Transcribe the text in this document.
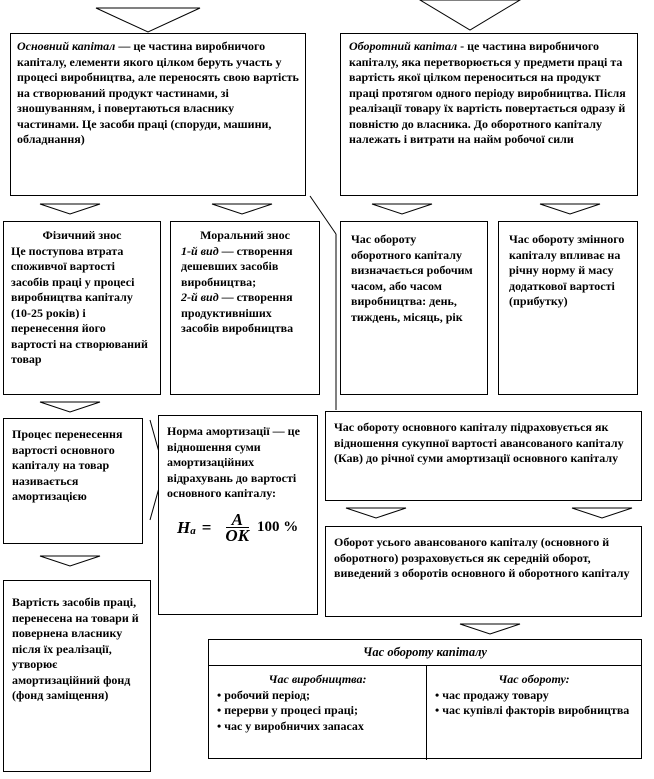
Основний капітал — це частина виробничого капіталу, елементи якого цілком беруть участь у процесі виробництва, але переносять свою вартість на створюваний продукт частинами, зі зношуванням, і повертаються власнику частинами. Це засоби праці (споруди, машини, обладнання)

Оборотний капітал - це частина виробничого капіталу, яка перетворюється у предмети праці та вартість якої цілком переноситься на продукт праці протягом одного періоду виробництва. Після реалізації товару їх вартість повертається одразу й повністю до власника. До оборотного капіталу належать і витрати на найм робочої сили

Фізичний знос

Це поступова втрата споживчої вартості засобів праці у процесі виробництва капіталу (10-25 років) і перенесення його вартості на створюваний товар

Моральний знос

1-й вид — створення дешевших засобів виробництва;

2-й вид — створення продуктивніших засобів виробництва

Час обороту оборотного капіталу визначається робочим часом, або часом виробництва: день, тиждень, місяць, рік

Час обороту змінного капіталу впливає на річну норму й масу додаткової вартості (прибутку)

Процес перенесення вартості основного капіталу на товар називається амортизацією

Норма амортизації — це відношення суми амортизаційних відрахувань до вартості основного капіталу:

$H_a = \frac{A}{OK} 100$ %

Час обороту основного капіталу підраховується як відношення сукупної вартості авансованого капіталу (Кав) до річної суми амортизації основного капіталу

Оборот усього авансованого капіталу (основного й оборотного) розраховується як середній оборот, виведений з оборотів основного й оборотного капіталу

Вартість засобів праці, перенесена на товари й повернена власнику після їх реалізації, утворює амортизаційний фонд (фонд заміщення)

Час обороту капіталу

Час виробництва:

• робочий період;

• перерви у процесі праці;

• час у виробничих запасах

Час обороту:

• час продажу товару

• час купівлі факторів виробництва
